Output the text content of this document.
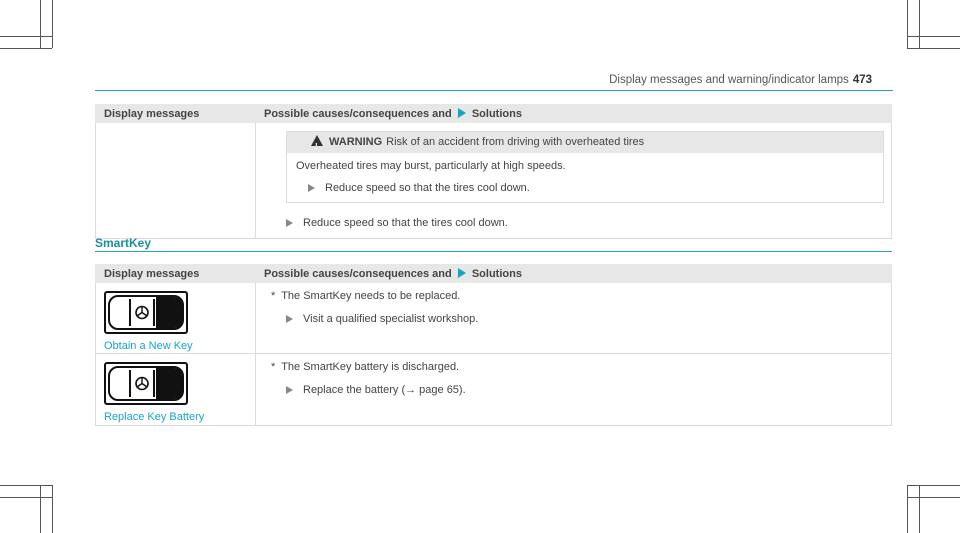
Display messages and warning/indicator lamps 473
Display messages	Possible causes/consequences and Solutions

!WARNING Risk of an accident from driving with overheated tires
Overheated tires may burst, particularly at high speeds.
Reduce speed so that the tires cool down.
Reduce speed so that the tires cool down.
SmartKey
Display messages	Possible causes/consequences and Solutions

Obtain a New Key	*  The SmartKey needs to be replaced.
Visit a qualified specialist workshop.

Replace Key Battery	*  The SmartKey battery is discharged.
Replace the battery (→ page 65).
